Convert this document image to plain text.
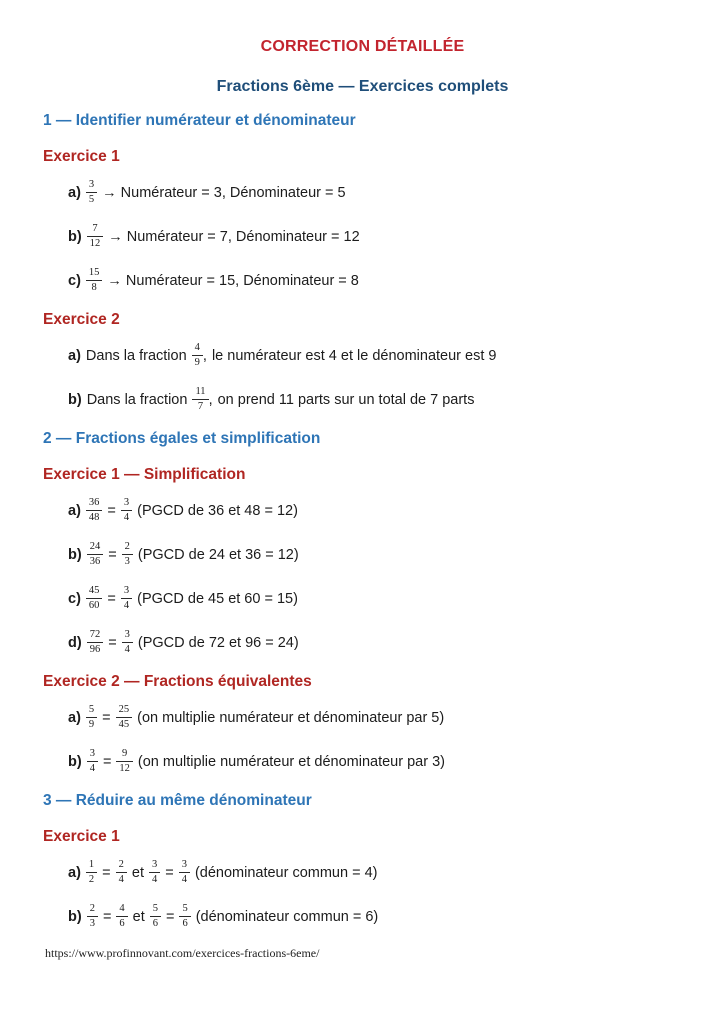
CORRECTION DÉTAILLÉE
Fractions 6ème — Exercices complets
1 — Identifier numérateur et dénominateur
Exercice 1
$a) \frac{3}{5}$ → Numérateur = 3, Dénominateur = 5
$b) \frac{7}{12}$ → Numérateur = 7, Dénominateur = 12
$c) \frac{15}{8}$ → Numérateur = 15, Dénominateur = 8
Exercice 2
a) Dans la fraction $\frac{4}{9}$ , le numérateur est 4 et le dénominateur est 9
b) Dans la fraction $\frac{11}{7}$ , on prend 11 parts sur un total de 7 parts
2 — Fractions égales et simplification
Exercice 1 — Simplification
$a) \frac{36}{48} = \frac{3}{4}$ (PGCD de 36 et 48 = 12)
$b) \frac{24}{36} = \frac{2}{3}$ (PGCD de 24 et 36 = 12)
$c) \frac{45}{60} = \frac{3}{4}$ (PGCD de 45 et 60 = 15)
$d) \frac{72}{96} = \frac{3}{4}$ (PGCD de 72 et 96 = 24)
Exercice 2 — Fractions équivalentes
$a) \frac{5}{9} = \frac{25}{45} (on$ multiplie numérateur et dénominateur par 5)
$b) \frac{3}{4} = \frac{9}{12} (on$ multiplie numérateur et dénominateur par 3)
3 — Réduire au même dénominateur
Exercice 1
$a) \frac{1}{2} = \frac{2}{4}$ et $\frac{3}{4} = \frac{3}{4}$ (dénominateur commun = 4)
$b) \frac{2}{3} = \frac{4}{6}$ et $\frac{5}{6} = \frac{5}{6}$ (dénominateur commun = 6)
https://www.profinnovant.com/exercices-fractions-6eme/
